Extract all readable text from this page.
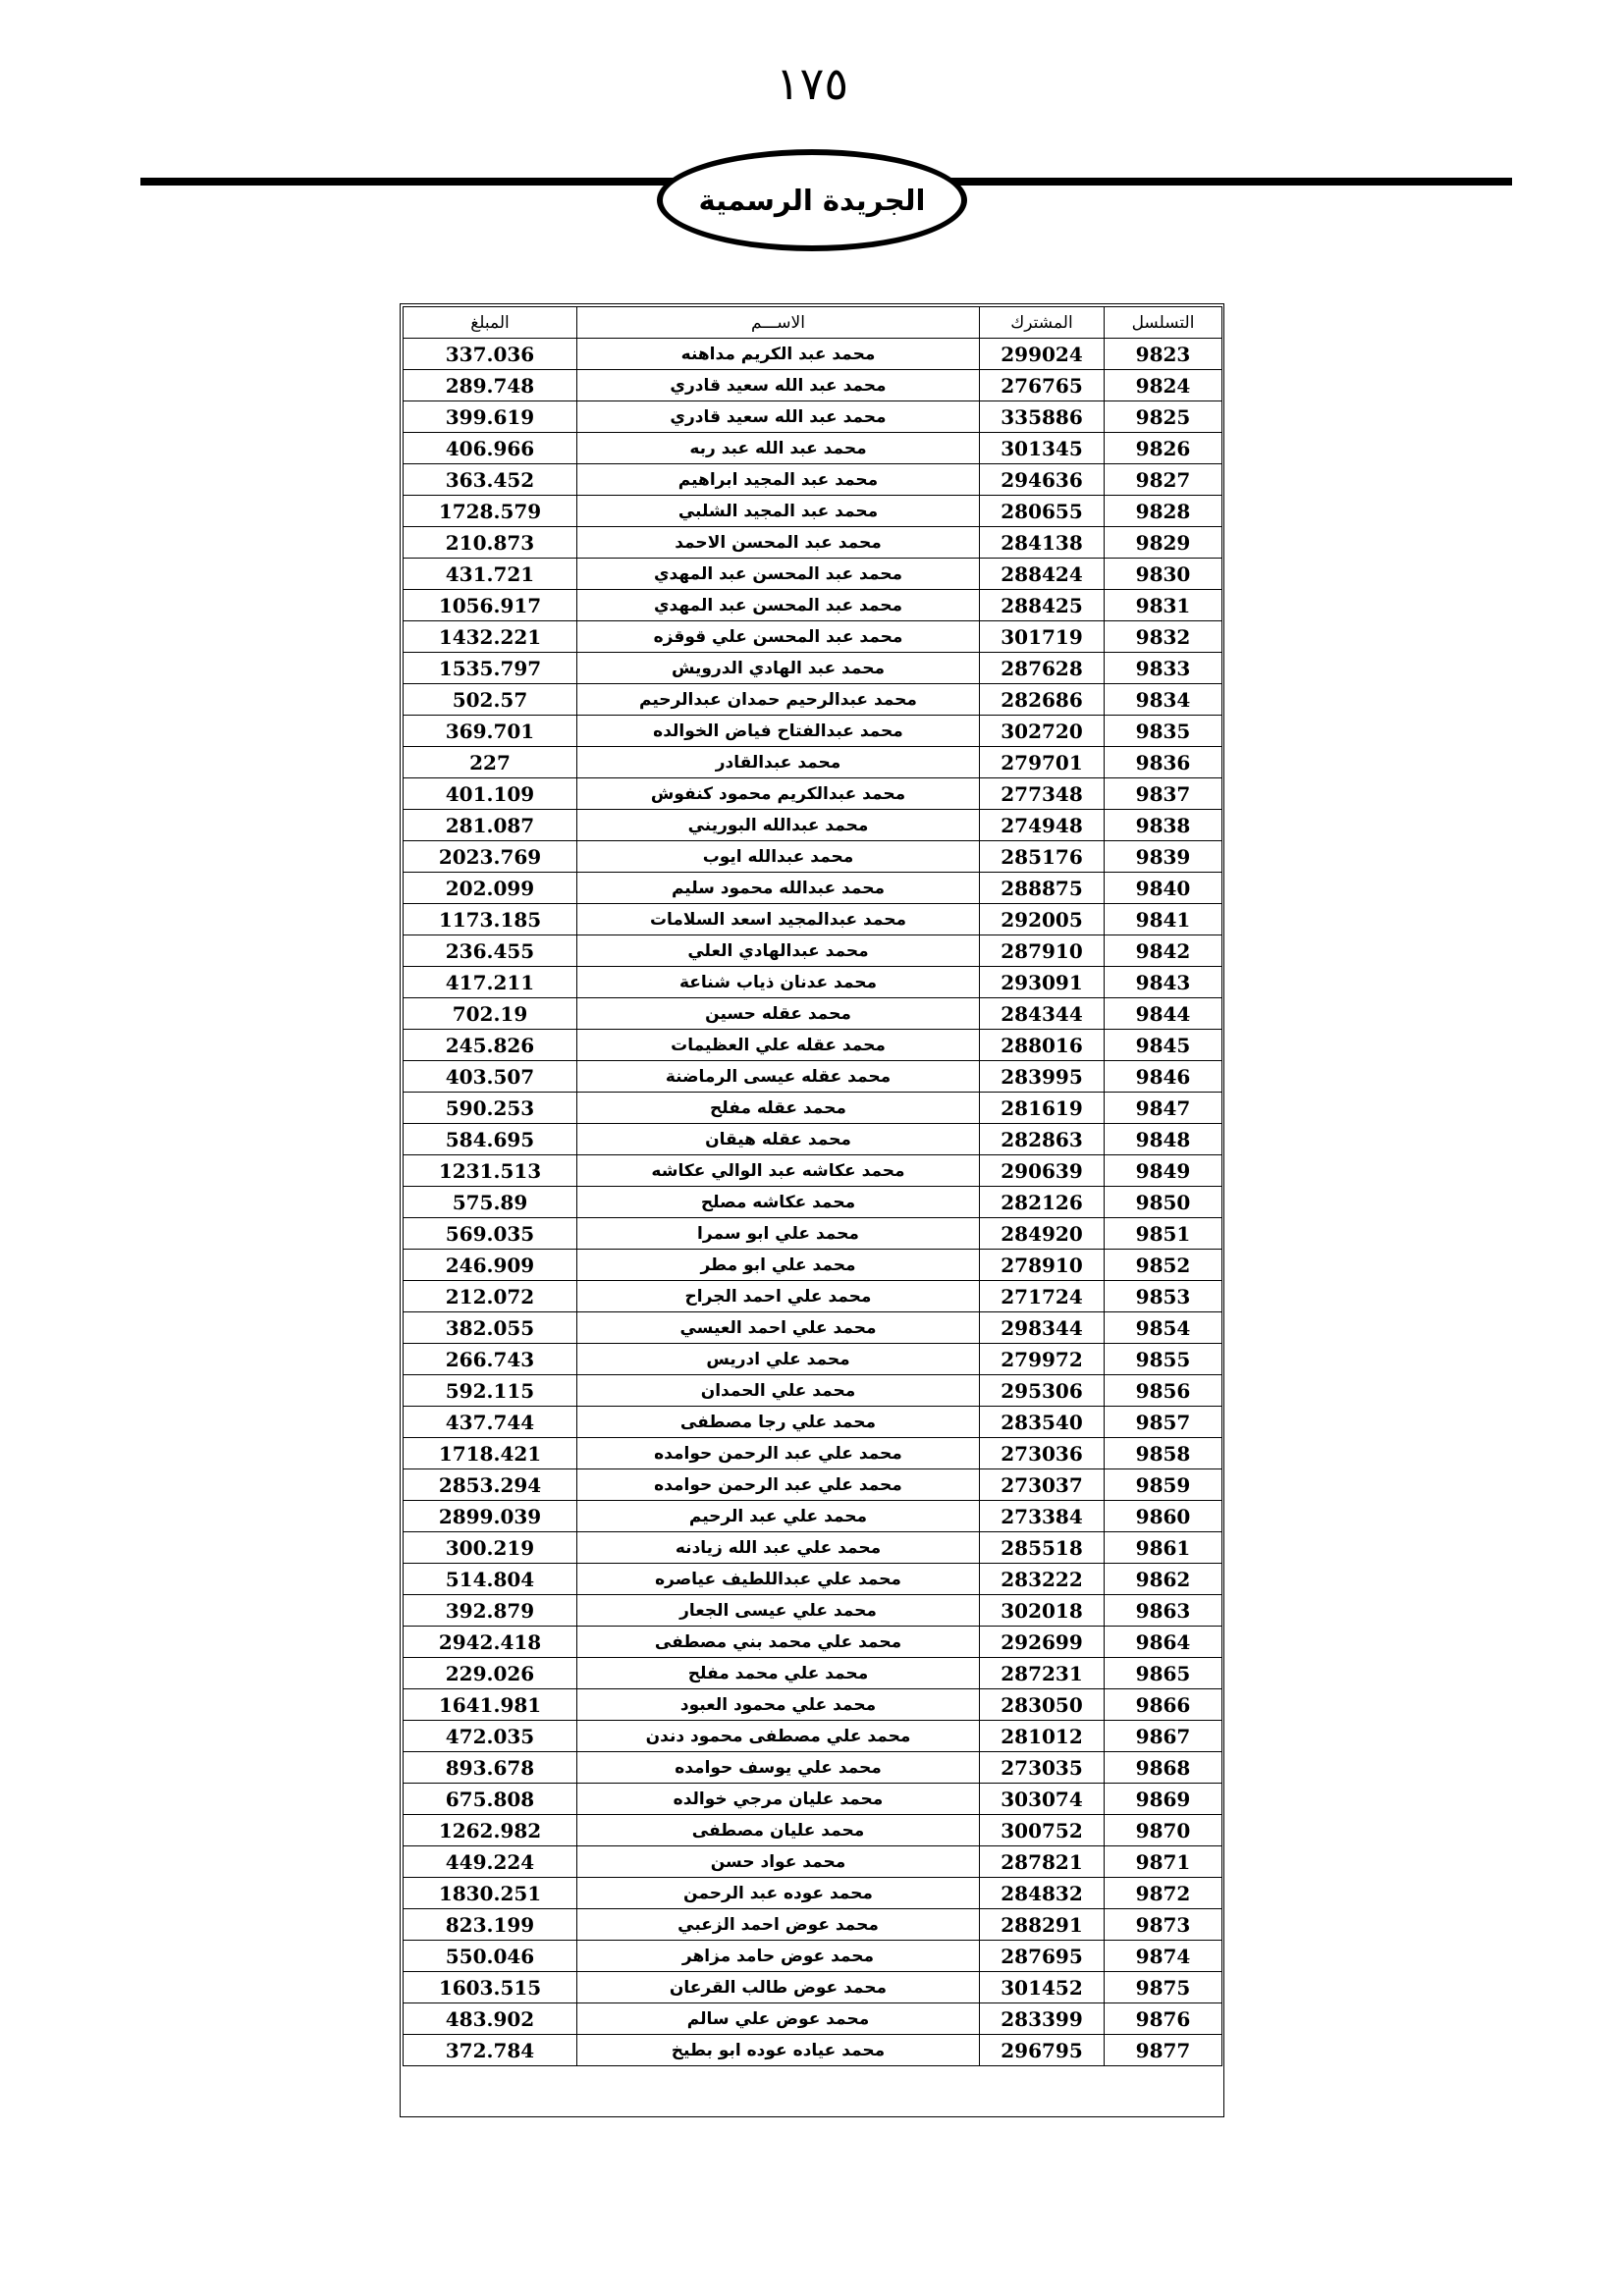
١٧٥
الجريدة الرسمية
التسلسل	المشترك	الاســـم	المبلغ
9823	299024	محمد عبد الكريم مداهنه	337.036
9824	276765	محمد عبد الله سعيد قادري	289.748
9825	335886	محمد عبد الله سعيد قادري	399.619
9826	301345	محمد عبد الله عبد ربه	406.966
9827	294636	محمد عبد المجيد ابراهيم	363.452
9828	280655	محمد عبد المجيد الشلبي	1728.579
9829	284138	محمد عبد المحسن الاحمد	210.873
9830	288424	محمد عبد المحسن عبد المهدي	431.721
9831	288425	محمد عبد المحسن عبد المهدي	1056.917
9832	301719	محمد عبد المحسن علي قوقزه	1432.221
9833	287628	محمد عبد الهادي الدرويش	1535.797
9834	282686	محمد عبدالرحيم حمدان عبدالرحيم	502.57
9835	302720	محمد عبدالفتاح فياض الخوالده	369.701
9836	279701	محمد عبدالقادر	227
9837	277348	محمد عبدالكريم محمود كنفوش	401.109
9838	274948	محمد عبدالله البوريني	281.087
9839	285176	محمد عبدالله ايوب	2023.769
9840	288875	محمد عبدالله محمود سليم	202.099
9841	292005	محمد عبدالمجيد اسعد السلامات	1173.185
9842	287910	محمد عبدالهادي العلي	236.455
9843	293091	محمد عدنان ذياب شناعة	417.211
9844	284344	محمد عقله حسين	702.19
9845	288016	محمد عقله علي العظيمات	245.826
9846	283995	محمد عقله عيسى الرماضنة	403.507
9847	281619	محمد عقله مفلح	590.253
9848	282863	محمد عقله هيقان	584.695
9849	290639	محمد عكاشه عبد الوالي عكاشه	1231.513
9850	282126	محمد عكاشه مصلح	575.89
9851	284920	محمد علي ابو سمرا	569.035
9852	278910	محمد علي ابو مطر	246.909
9853	271724	محمد علي احمد الجراح	212.072
9854	298344	محمد علي احمد العيسي	382.055
9855	279972	محمد علي ادريس	266.743
9856	295306	محمد علي الحمدان	592.115
9857	283540	محمد علي رجا مصطفى	437.744
9858	273036	محمد علي عبد الرحمن حوامده	1718.421
9859	273037	محمد علي عبد الرحمن حوامده	2853.294
9860	273384	محمد علي عبد الرحيم	2899.039
9861	285518	محمد علي عبد الله زيادنه	300.219
9862	283222	محمد علي عبداللطيف عياصره	514.804
9863	302018	محمد علي عيسى الجعار	392.879
9864	292699	محمد علي محمد بني مصطفى	2942.418
9865	287231	محمد علي محمد مفلح	229.026
9866	283050	محمد علي محمود العبود	1641.981
9867	281012	محمد علي مصطفى محمود دندن	472.035
9868	273035	محمد علي يوسف حوامده	893.678
9869	303074	محمد عليان مرجي خوالده	675.808
9870	300752	محمد عليان مصطفى	1262.982
9871	287821	محمد عواد حسن	449.224
9872	284832	محمد عوده عبد الرحمن	1830.251
9873	288291	محمد عوض احمد الزعبي	823.199
9874	287695	محمد عوض حامد مزاهر	550.046
9875	301452	محمد عوض طالب القرعان	1603.515
9876	283399	محمد عوض علي سالم	483.902
9877	296795	محمد عياده عوده ابو بطيخ	372.784
